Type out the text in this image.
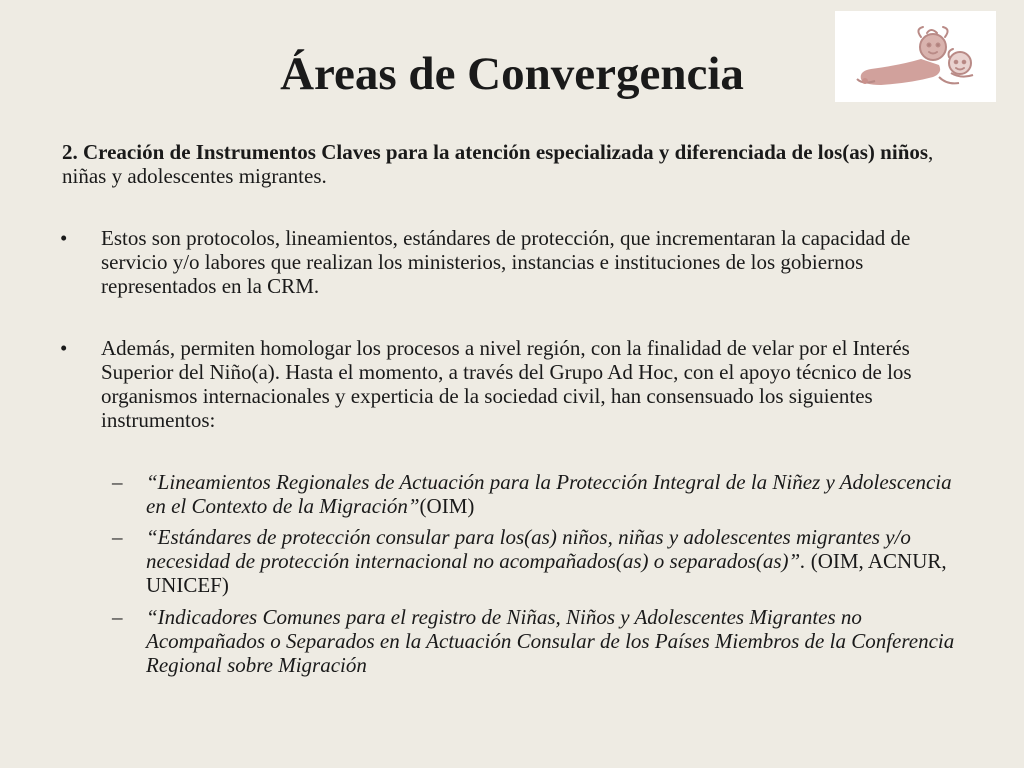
Áreas de Convergencia
2. Creación de Instrumentos Claves para la atención especializada y diferenciada de los(as) niños, niñas y adolescentes migrantes.
• Estos son protocolos, lineamientos, estándares de protección, que incrementaran la capacidad de servicio y/o labores que realizan los ministerios, instancias e instituciones de los gobiernos representados en la CRM.
• Además, permiten homologar los procesos a nivel región, con la finalidad de velar por el Interés Superior del Niño(a). Hasta el momento, a través del Grupo Ad Hoc, con el apoyo técnico de los organismos internacionales y experticia de la sociedad civil, han consensuado los siguientes instrumentos:
– “Lineamientos Regionales de Actuación para la Protección Integral de la Niñez y Adolescencia en el Contexto de la Migración”(OIM)
– “Estándares de protección consular para los(as) niños, niñas y adolescentes migrantes y/o necesidad de protección internacional no acompañados(as) o separados(as)”. (OIM, ACNUR, UNICEF)
– “Indicadores Comunes para el registro de Niñas, Niños y Adolescentes Migrantes no Acompañados o Separados en la Actuación Consular de los Países Miembros de la Conferencia Regional sobre Migración
